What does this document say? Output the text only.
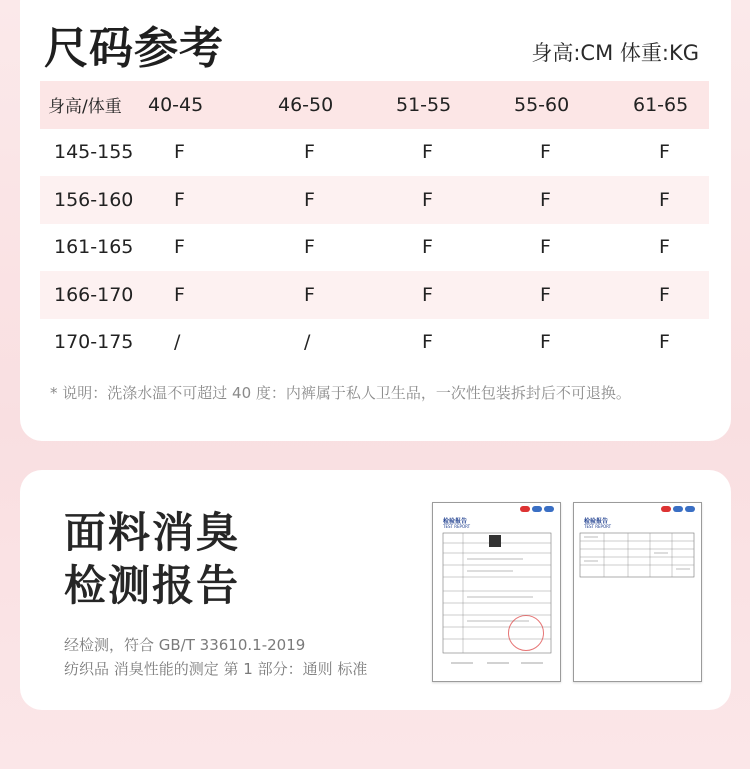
尺码参考	身高:CM 体重:KG
身高/体重 40-45	46-50	51-55	55-60	61-65
145-155 F	F	F	F	F
156-160 F	F	F	F	F
161-165 F	F	F	F	F
166-170 F	F	F	F	F
170-175 /	/	F	F	F
* 说明：洗涤水温不可超过 40 度：内裤属于私人卫生品，一次性包装拆封后不可退换。
面料消臭
检测报告
经检测，符合 GB/T 33610.1-2019
纺织品 消臭性能的测定 第 1 部分：通则 标准
检验报告
TEST REPORT
检验报告
TEST REPORT
